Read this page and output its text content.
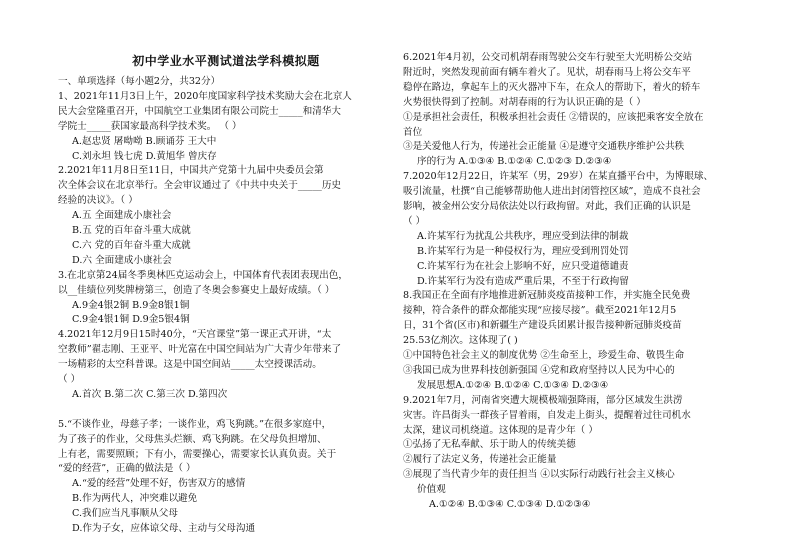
初中学业水平测试道法学科模拟题
一、单项选择（每小题2分，共32分）
1、2021年11月3日上午，2020年度国家科学技术奖励大会在北京人
民大会堂隆重召开，中国航空工业集团有限公司院士_____和清华大
学院士_____获国家最高科学技术奖。 （ ）
A.赵忠贤 屠呦呦 B.顾诵芬 王大中
C.刘永坦 钱七虎 D.黄旭华 曾庆存
2.2021年11月8日至11日，中国共产党第十九届中央委员会第
次全体会议在北京举行。全会审议通过了《中共中央关于_____历史
经验的决议》。（ ）
A.五 全面建成小康社会
B.五 党的百年奋斗重大成就
C.六 党的百年奋斗重大成就
D.六 全面建成小康社会
3.在北京第24届冬季奥林匹克运动会上，中国体育代表团表现出色，
以__佳绩位列奖牌榜第三，创造了冬奥会参赛史上最好成绩。（ ）
A.9金4银2铜 B.9金8银1铜
C.9金4银1铜 D.9金5银4铜
4.2021年12月9日15时40分，“天宫课堂”第一课正式开讲，“太
空教师”翟志刚、王亚平、叶光富在中国空间站为广大青少年带来了
一场精彩的太空科普课。这是中国空间站_____太空授课活动。
（ ）
A.首次 B.第二次 C.第三次 D.第四次
5.“不谈作业，母慈子孝；一谈作业，鸡飞狗跳。”在很多家庭中，
为了孩子的作业，父母焦头烂额、鸡飞狗跳。在父母负担增加、
上有老，需要照顾；下有小，需要操心，需要家长认真负责。关于
“爱的经营”，正确的做法是（ ）
A.“爱的经营”处理不好，伤害双方的感情
B.作为两代人，冲突难以避免
C.我们应当凡事顺从父母
D.作为子女，应体谅父母、主动与父母沟通
6.2021年4月初，公交司机胡春雨驾驶公交车行驶至大光明桥公交站
附近时，突然发现前面有辆车着火了。见状，胡春雨马上将公交车平
稳停在路边，拿起车上的灭火器冲下车，在众人的帮助下，着火的轿车
火势很快得到了控制。对胡春雨的行为认识正确的是（ ）
①是承担社会责任，积极承担社会责任 ②错误的，应该把乘客安全放在
首位
③是关爱他人行为，传递社会正能量 ④是遵守交通秩序维护公共秩
序的行为 A.①③④ B.①②④ C.①②③ D.②③④
7.2020年12月22日，许某军（男，29岁）在某直播平台中，为博眼球、
吸引流量，杜撰“自己能够帮助他人进出封闭管控区域”，造成不良社会
影响，被金州公安分局依法处以行政拘留。对此，我们正确的认识是
（ ）
A.许某军行为扰乱公共秩序，理应受到法律的制裁
B.许某军行为是一种侵权行为，理应受到刑罚处罚
C.许某军行为在社会上影响不好，应只受道德谴责
D.许某军行为没有造成严重后果，不至于行政拘留
8.我国正在全面有序地推进新冠肺炎疫苗接种工作，并实施全民免费
接种，符合条件的群众都能实现“应接尽接”。截至2021年12月5
日，31个省(区市)和新疆生产建设兵团累计报告接种新冠肺炎疫苗
25.53亿剂次。这体现了( )
①中国特色社会主义的制度优势 ②生命至上，珍爱生命、敬畏生命
③我国已成为世界科技创新强国 ④党和政府坚持以人民为中心的
发展思想A.①②④ B.①②④ C.①③④ D.②③④
9.2021年7月，河南省突遭大规模极端强降雨，部分区域发生洪涝
灾害。许昌街头一群孩子冒着雨，自发走上街头，提醒着过往司机水
太深，建议司机绕道。这体现的是青少年（ ）
①弘扬了无私奉献、乐于助人的传统美德
②履行了法定义务，传递社会正能量
③展现了当代青少年的责任担当 ④以实际行动践行社会主义核心
价值观
A.①②④ B.①③④ C.①③④ D.①②③④
